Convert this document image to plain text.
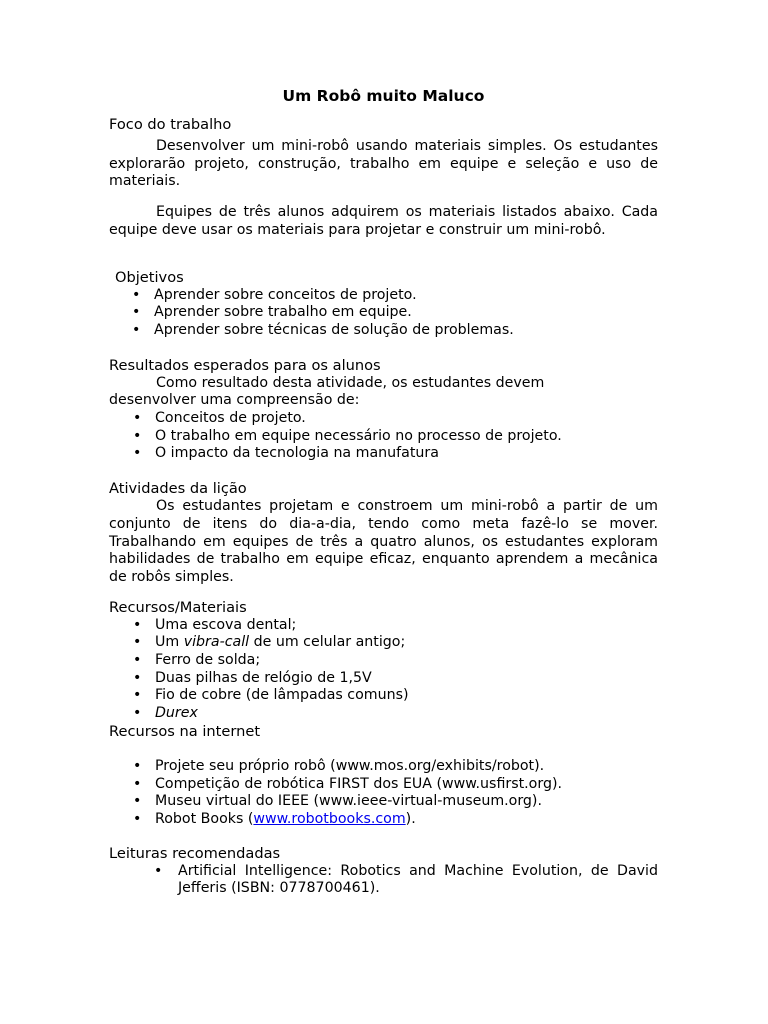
Um Robô muito Maluco
Foco do trabalho

Desenvolver um mini-robô usando materiais simples. Os estudantes explorarão projeto, construção, trabalho em equipe e seleção e uso de materiais.

Equipes de três alunos adquirem os materiais listados abaixo. Cada equipe deve usar os materiais para projetar e construir um mini-robô.

Objetivos
• Aprender sobre conceitos de projeto.
• Aprender sobre trabalho em equipe.
• Aprender sobre técnicas de solução de problemas.
Resultados esperados para os alunos

Como resultado desta atividade, os estudantes devem desenvolver uma compreensão de:

• Conceitos de projeto.
• O trabalho em equipe necessário no processo de projeto.
• O impacto da tecnologia na manufatura
Atividades da lição

Os estudantes projetam e constroem um mini-robô a partir de um conjunto de itens do dia-a-dia, tendo como meta fazê-lo se mover. Trabalhando em equipes de três a quatro alunos, os estudantes exploram habilidades de trabalho em equipe eficaz, enquanto aprendem a mecânica de robôs simples.

Recursos/Materiais
• Uma escova dental;
• Um vibra-call de um celular antigo;
• Ferro de solda;
• Duas pilhas de relógio de 1,5V
• Fio de cobre (de lâmpadas comuns)
• Durex
Recursos na internet
• Projete seu próprio robô (www.mos.org/exhibits/robot).
• Competição de robótica FIRST dos EUA (www.usfirst.org).
• Museu virtual do IEEE (www.ieee-virtual-museum.org).
• Robot Books (www.robotbooks.com).
Leituras recomendadas
• Artificial Intelligence: Robotics and Machine Evolution, de David Jefferis (ISBN: 0778700461).
